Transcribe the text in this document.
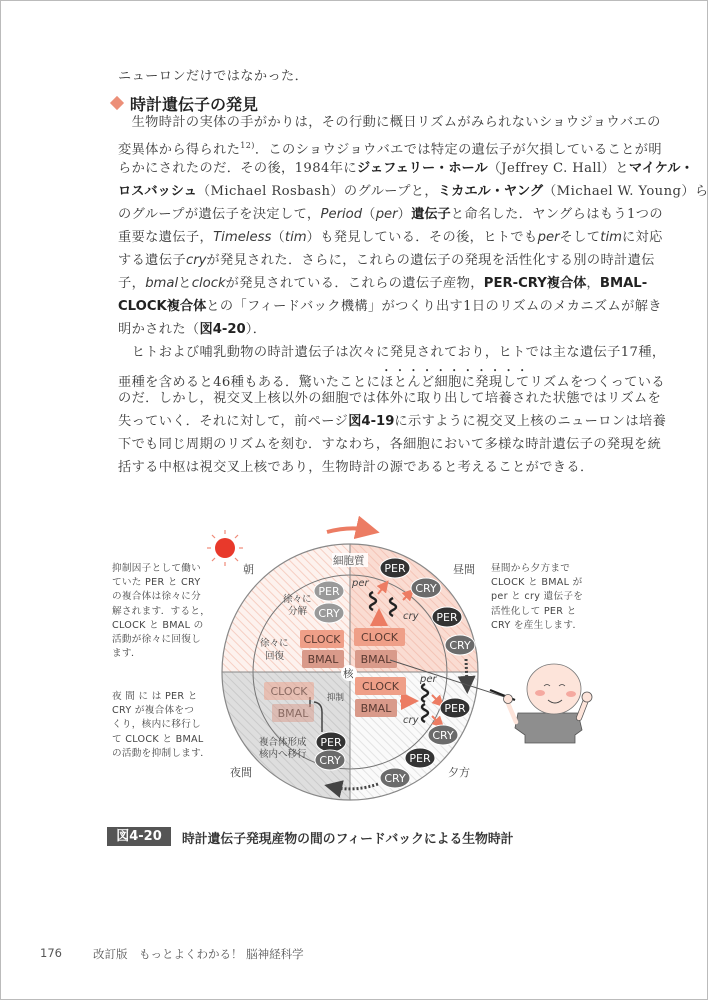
ニューロンだけではなかった．
　生物時計の実体の手がかりは，その行動に概日リズムがみられないショウジョウバエの
変異体から得られた$^{12)}$．このショウジョウバエでは特定の遺伝子が欠損していることが明
らかにされたのだ．その後，1984年にジェフェリー・ホール（Jeffrey C. Hall）とマイケル・
ロスバッシュ（Michael Rosbash）のグループと，ミカエル・ヤング（Michael W. Young）ら
のグループが遺伝子を決定して，Period（per）遺伝子と命名した．ヤングらはもう1つの
重要な遺伝子，Timeless（tim）も発見している．その後，ヒトでもperそしてtimに対応
する遺伝子cryが発見された．さらに，これらの遺伝子の発現を活性化する別の時計遺伝
子，bmalとclockが発見されている．これらの遺伝子産物，PER-CRY複合体，BMAL-
CLOCK複合体との「フィードバック機構」がつくり出す1日のリズムのメカニズムが解き
明かされた（図4-20）．
　ヒトおよび哺乳動物の時計遺伝子は次々に発見されており，ヒトでは主な遺伝子17種，
亜種を含めると46種もある．驚いたことにほとんど細胞に発現してリズムをつくっている
のだ．しかし，視交叉上核以外の細胞では体外に取り出して培養された状態ではリズムを
失っていく．それに対して，前ページ図4-19に示すように視交叉上核のニューロンは培養
下でも同じ周期のリズムを刻む．すなわち，各細胞において多様な時計遺伝子の発現を統
括する中枢は視交叉上核であり，生物時計の源であると考えることができる．
時計遺伝子の発見
抑制因子として働い
ていた PER と CRY
の複合体は徐々に分
解されます．すると，
CLOCK と BMAL の
活動が徐々に回復し
ます．
夜 間 に は PER と
CRY が複合体をつ
くり，核内に移行し
て CLOCK と BMAL
の活動を抑制します．
昼間から夕方まで
CLOCK と BMAL が
per と cry 遺伝子を
活性化して PER と
CRY を産生します．
朝	昼間
夕方
夜間
細胞質
核
徐々に
分解
徐々に
回復
抑制
複合体形成
核内へ移行
per
cry
per
cry
PER
CRY
PER
CRY
PER
CRY
PER
CRY
PER
CRY
PER
CRY
CLOCK
BMAL
CLOCK
BMAL
CLOCK
BMAL
CLOCK
BMAL
図4-20	時計遺伝子発現産物の間のフィードバックによる生物時計
176	改訂版　もっとよくわかる！ 脳神経科学
